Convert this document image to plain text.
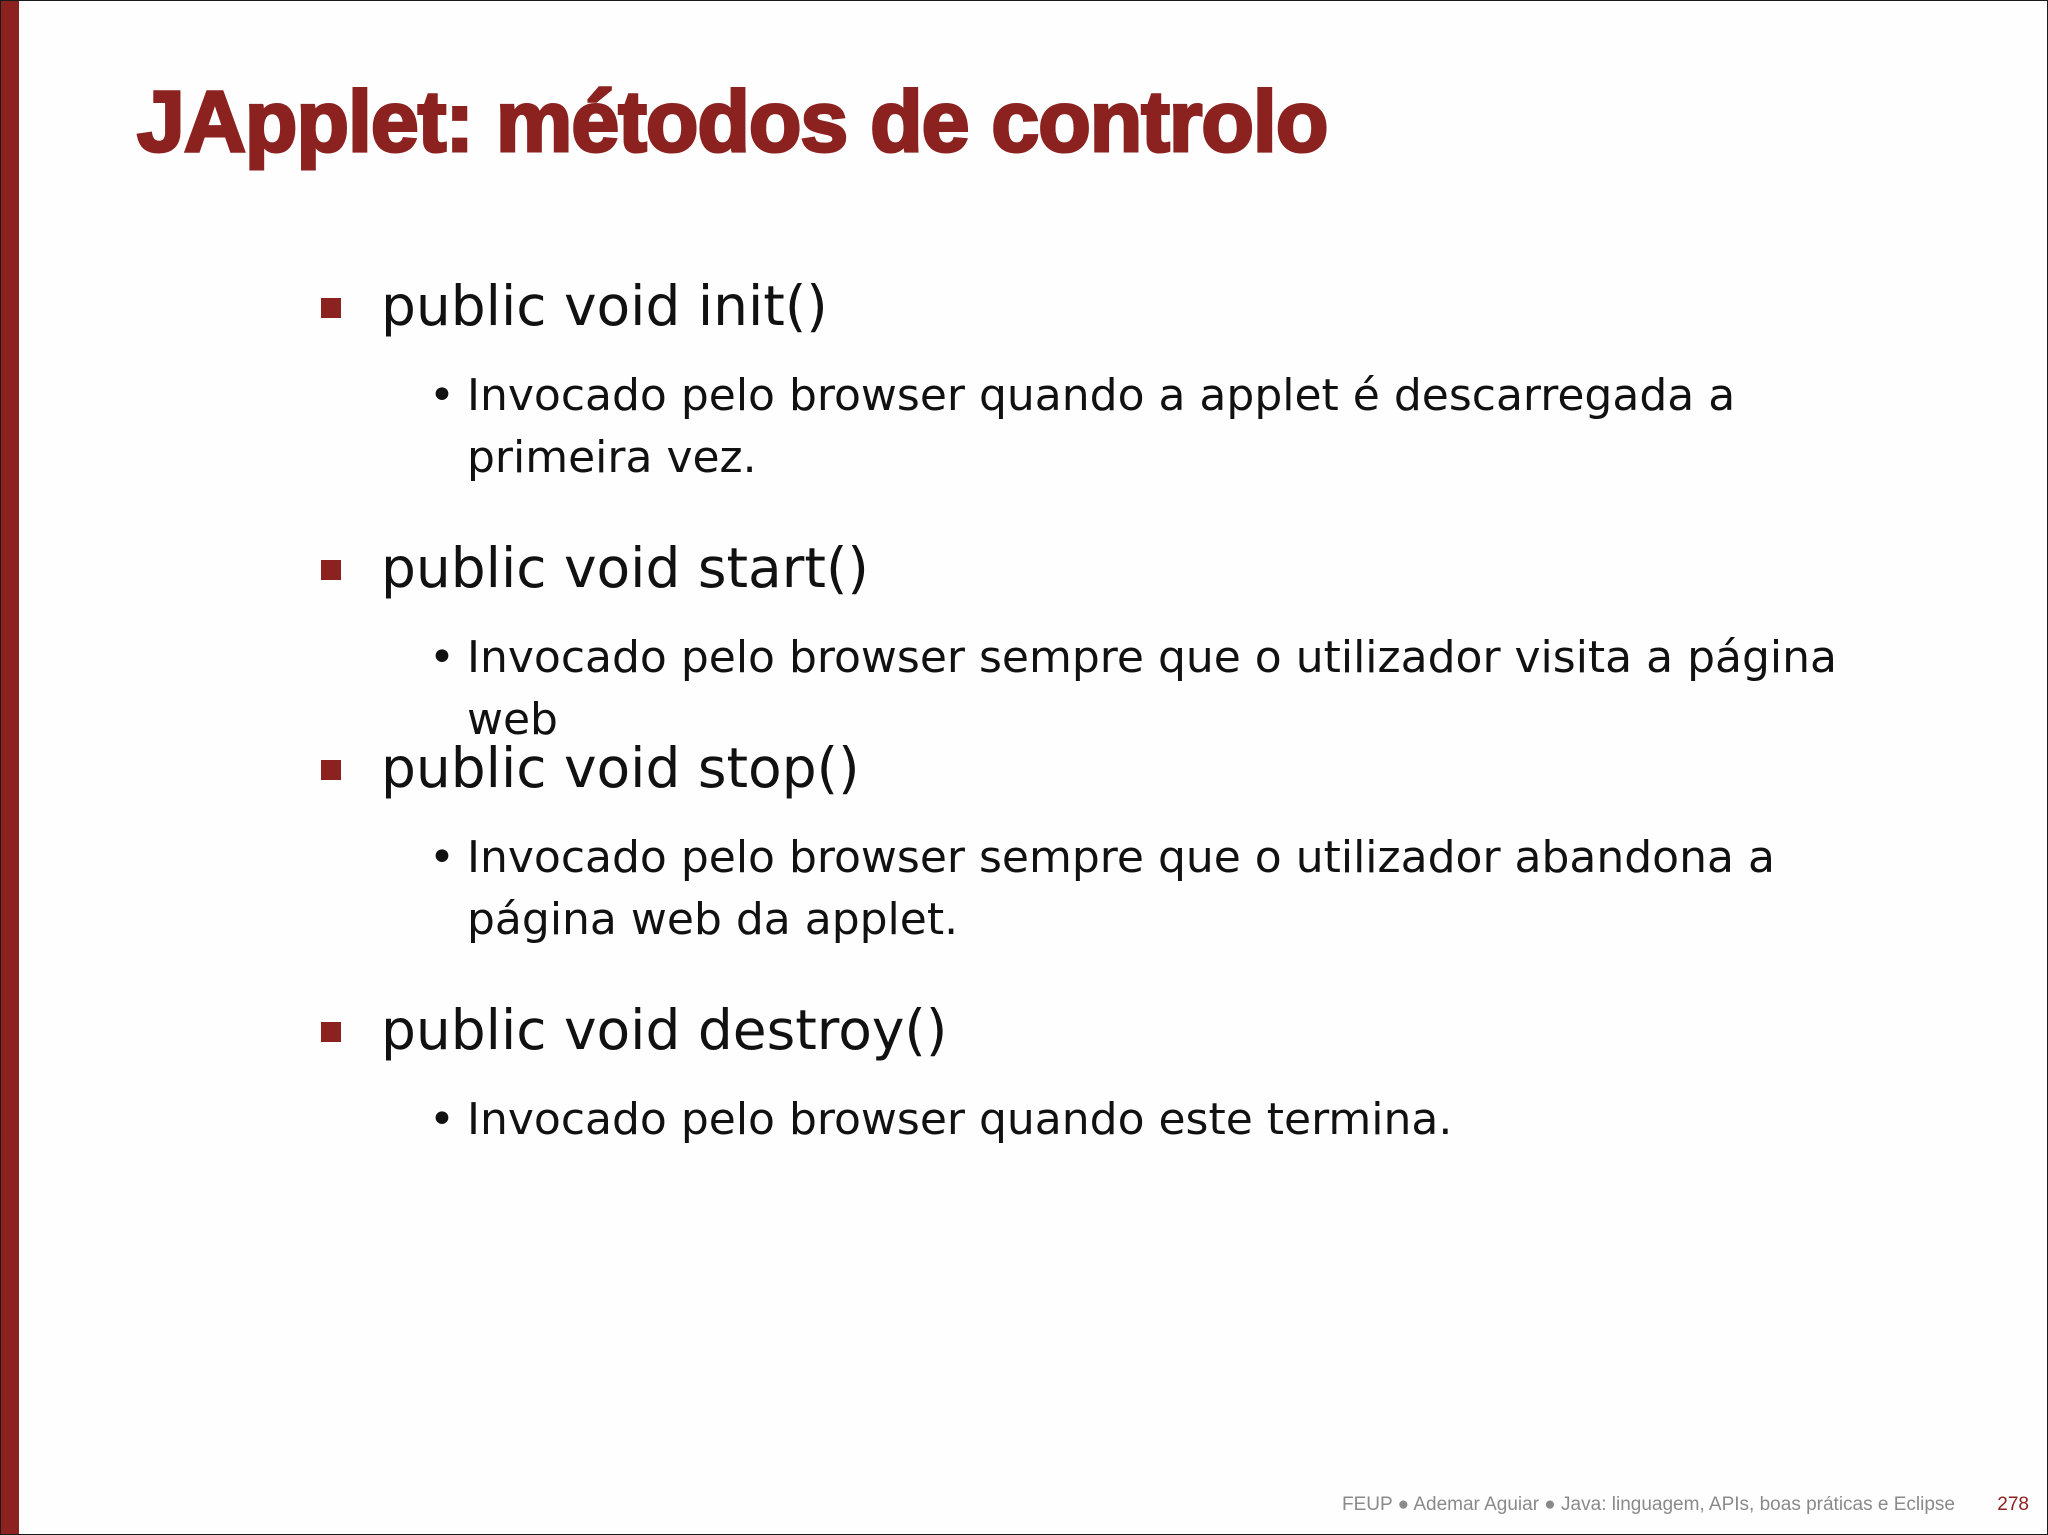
JApplet: métodos de controlo
public void init()
• Invocado pelo browser quando a applet é descarregada a primeira vez.
public void start()
• Invocado pelo browser sempre que o utilizador visita a página web
public void stop()
• Invocado pelo browser sempre que o utilizador abandona a página web da applet.
public void destroy()
• Invocado pelo browser quando este termina.
FEUP ● Ademar Aguiar ● Java: linguagem, APIs, boas práticas e Eclipse 278
